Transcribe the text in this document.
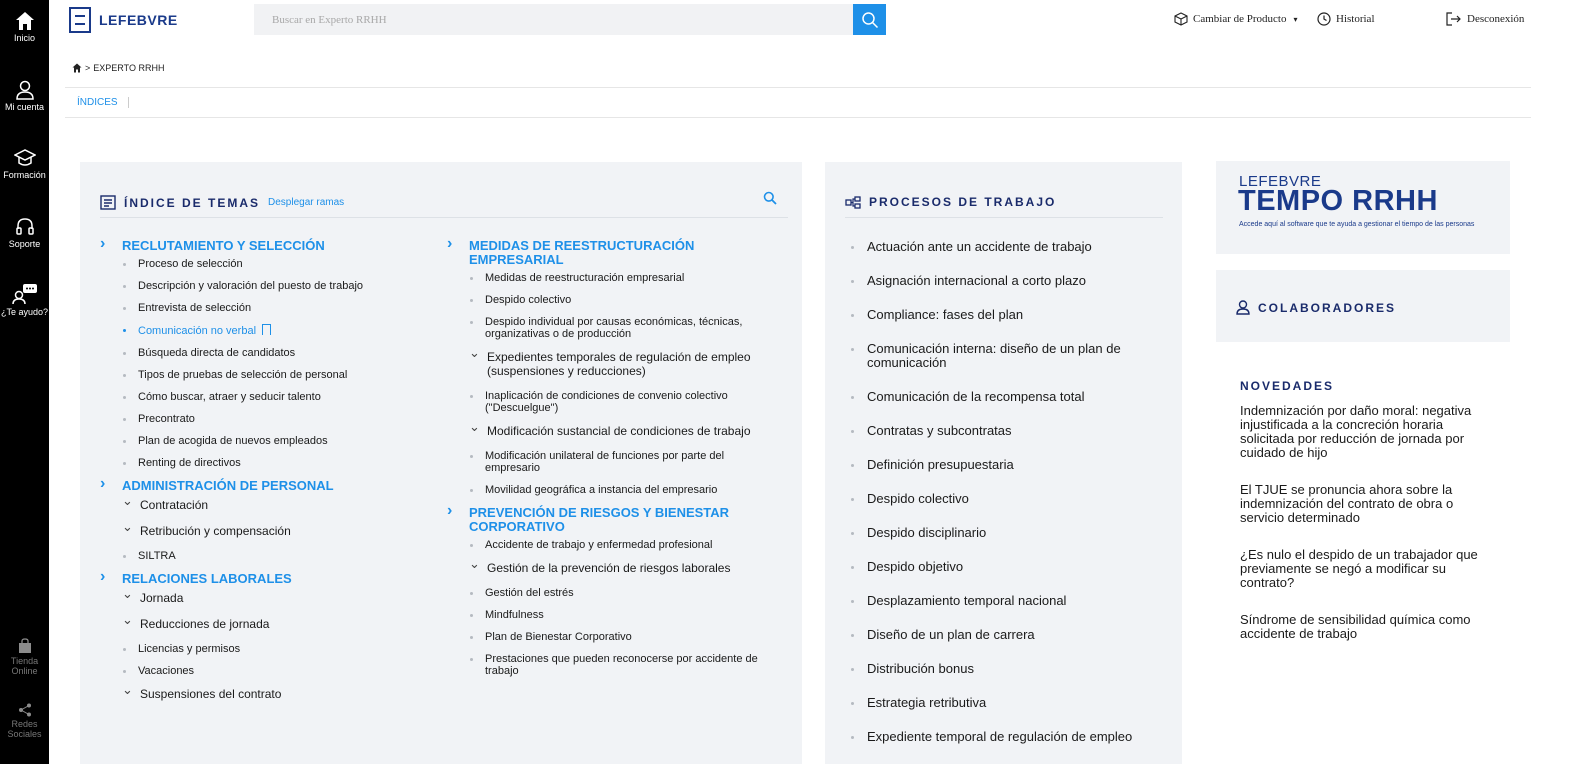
Inicio
Mi cuenta
Formación
Soporte
¿Te ayudo?
Tienda Online
Redes Sociales
LEFEBVRE
Buscar en Experto RRHH	Cambiar de Producto ▾	Historial	Desconexión
> EXPERTO RRHH
ÍNDICES
ÍNDICE DE TEMAS Desplegar ramas
› RECLUTAMIENTO Y SELECCIÓN
Proceso de selección
Descripción y valoración del puesto de trabajo
Entrevista de selección
Comunicación no verbal
Búsqueda directa de candidatos
Tipos de pruebas de selección de personal
Cómo buscar, atraer y seducir talento
Precontrato
Plan de acogida de nuevos empleados
Renting de directivos
› ADMINISTRACIÓN DE PERSONAL
⌄ Contratación
⌄ Retribución y compensación
SILTRA
› RELACIONES LABORALES
⌄ Jornada
⌄ Reducciones de jornada
Licencias y permisos
Vacaciones
⌄ Suspensiones del contrato
› MEDIDAS DE REESTRUCTURACIÓN EMPRESARIAL
Medidas de reestructuración empresarial
Despido colectivo
Despido individual por causas económicas, técnicas, organizativas o de producción
⌄ Expedientes temporales de regulación de empleo (suspensiones y reducciones)
Inaplicación de condiciones de convenio colectivo ("Descuelgue")
⌄ Modificación sustancial de condiciones de trabajo
Modificación unilateral de funciones por parte del empresario
Movilidad geográfica a instancia del empresario
› PREVENCIÓN DE RIESGOS Y BIENESTAR CORPORATIVO
Accidente de trabajo y enfermedad profesional
⌄ Gestión de la prevención de riesgos laborales
Gestión del estrés
Mindfulness
Plan de Bienestar Corporativo
Prestaciones que pueden reconocerse por accidente de trabajo
PROCESOS DE TRABAJO
Actuación ante un accidente de trabajo
Asignación internacional a corto plazo
Compliance: fases del plan
Comunicación interna: diseño de un plan de comunicación
Comunicación de la recompensa total
Contratas y subcontratas
Definición presupuestaria
Despido colectivo
Despido disciplinario
Despido objetivo
Desplazamiento temporal nacional
Diseño de un plan de carrera
Distribución bonus
Estrategia retributiva
Expediente temporal de regulación de empleo
LEFEBVRE
TEMPO RRHH
Accede aquí al software que te ayuda a gestionar el tiempo de las personas
COLABORADORES
NOVEDADES
Indemnización por daño moral: negativa injustificada a la concreción horaria solicitada por reducción de jornada por cuidado de hijo
El TJUE se pronuncia ahora sobre la indemnización del contrato de obra o servicio determinado
¿Es nulo el despido de un trabajador que previamente se negó a modificar su contrato?
Síndrome de sensibilidad química como accidente de trabajo
